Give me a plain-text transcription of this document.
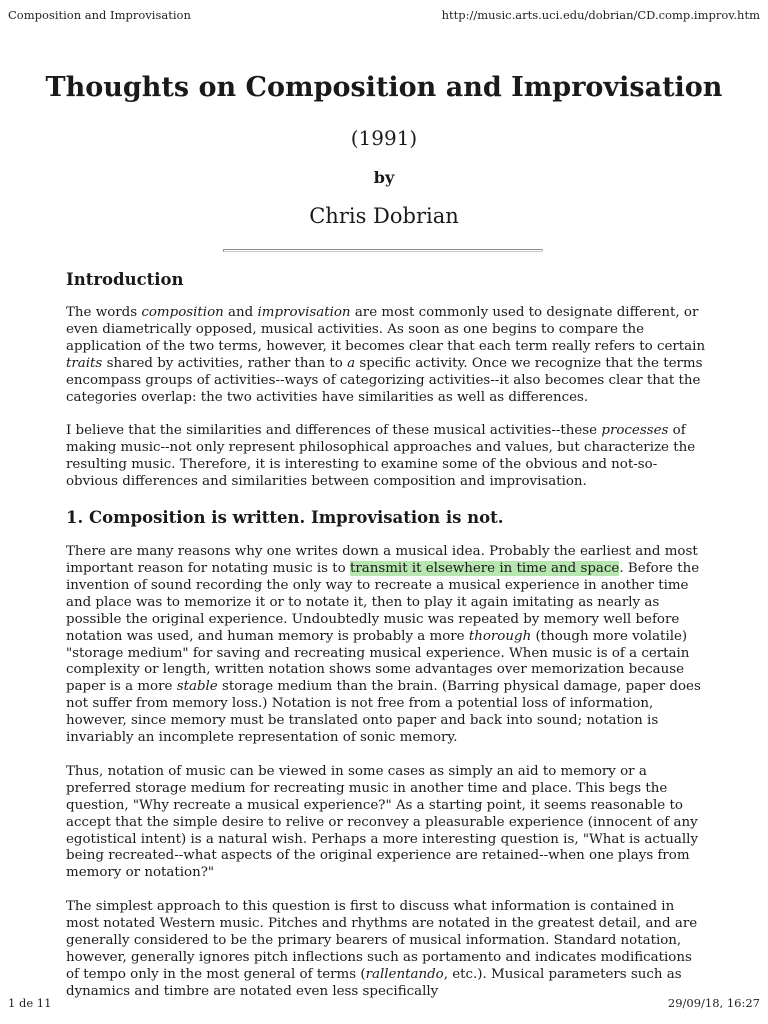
Composition and Improvisation	http://music.arts.uci.edu/dobrian/CD.comp.improv.htm
Thoughts on Composition and Improvisation
(1991)
by
Chris Dobrian
Introduction

The words composition and improvisation are most commonly used to designate different, or even diametrically opposed, musical activities. As soon as one begins to compare the application of the two terms, however, it becomes clear that each term really refers to certain traits shared by activities, rather than to a specific activity. Once we recognize that the terms encompass groups of activities--ways of categorizing activities--it also becomes clear that the categories overlap: the two activities have similarities as well as differences.

I believe that the similarities and differences of these musical activities--these processes of making music--not only represent philosophical approaches and values, but characterize the resulting music. Therefore, it is interesting to examine some of the obvious and not-so-obvious differences and similarities between composition and improvisation.

1. Composition is written. Improvisation is not.

There are many reasons why one writes down a musical idea. Probably the earliest and most important reason for notating music is to transmit it elsewhere in time and space. Before the invention of sound recording the only way to recreate a musical experience in another time and place was to memorize it or to notate it, then to play it again imitating as nearly as possible the original experience. Undoubtedly music was repeated by memory well before notation was used, and human memory is probably a more thorough (though more volatile) "storage medium" for saving and recreating musical experience. When music is of a certain complexity or length, written notation shows some advantages over memorization because paper is a more stable storage medium than the brain. (Barring physical damage, paper does not suffer from memory loss.) Notation is not free from a potential loss of information, however, since memory must be translated onto paper and back into sound; notation is invariably an incomplete representation of sonic memory.

Thus, notation of music can be viewed in some cases as simply an aid to memory or a preferred storage medium for recreating music in another time and place. This begs the question, "Why recreate a musical experience?" As a starting point, it seems reasonable to accept that the simple desire to relive or reconvey a pleasurable experience (innocent of any egotistical intent) is a natural wish. Perhaps a more interesting question is, "What is actually being recreated--what aspects of the original experience are retained--when one plays from memory or notation?"

The simplest approach to this question is first to discuss what information is contained in most notated Western music. Pitches and rhythms are notated in the greatest detail, and are generally considered to be the primary bearers of musical information. Standard notation, however, generally ignores pitch inflections such as portamento and indicates modifications of tempo only in the most general of terms (rallentando, etc.). Musical parameters such as dynamics and timbre are notated even less specifically

1 de 11	29/09/18, 16:27
